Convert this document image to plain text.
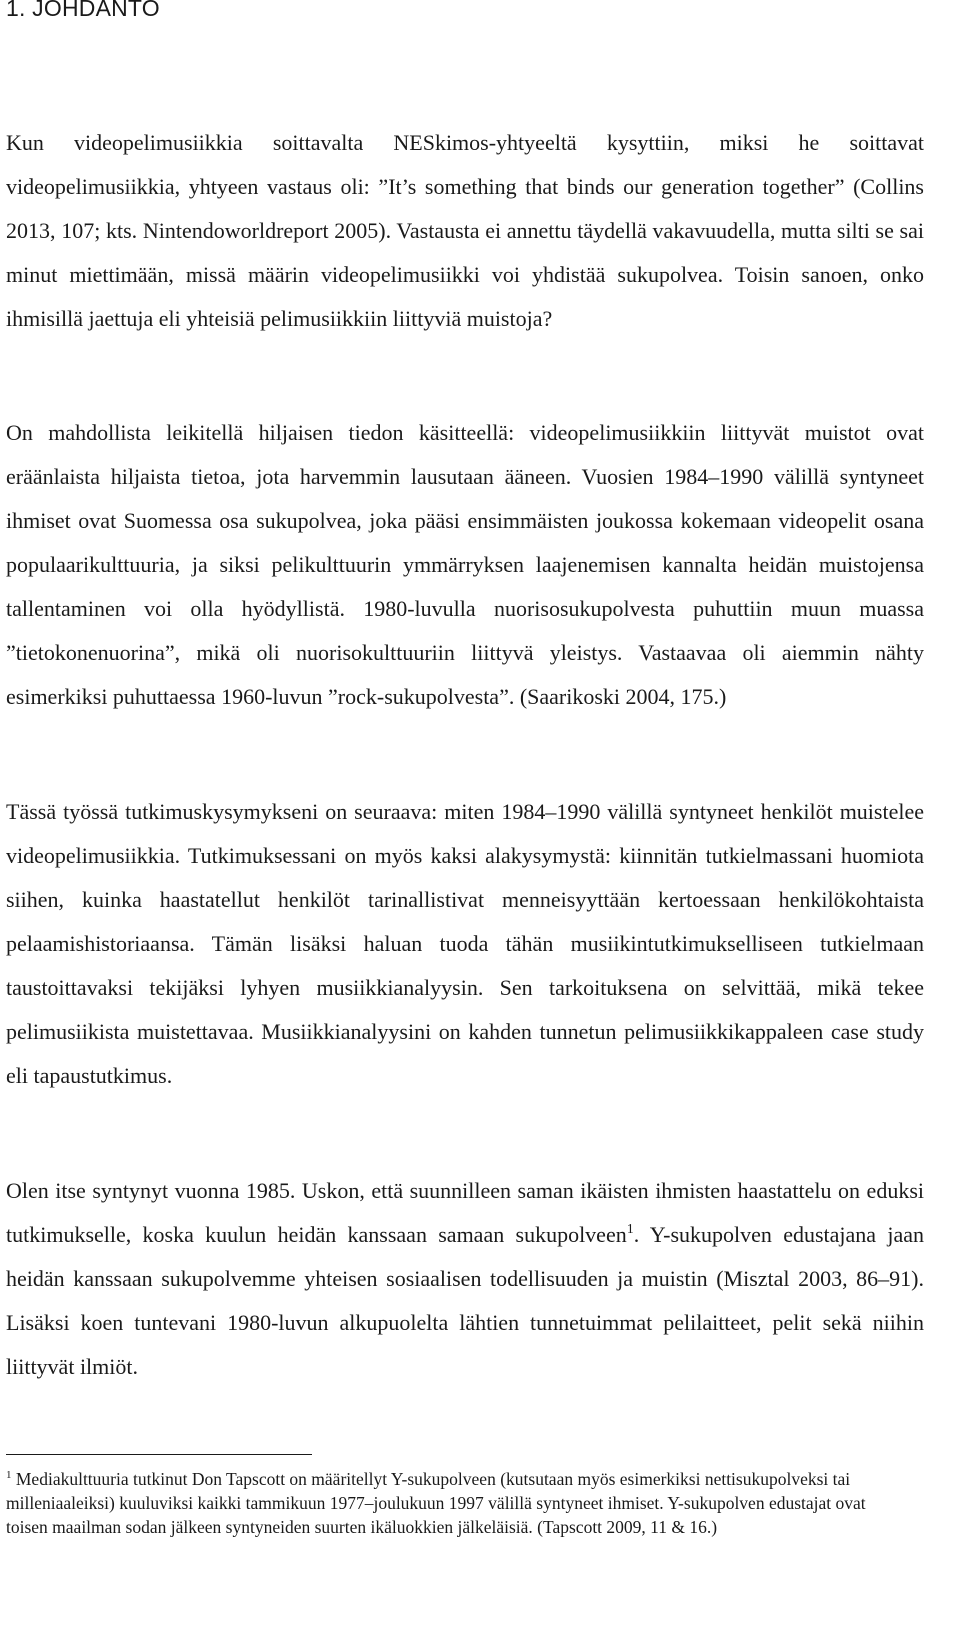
1. JOHDANTO

Kun videopelimusiikkia soittavalta NESkimos-yhtyeeltä kysyttiin, miksi he soittavat videopelimusiikkia, yhtyeen vastaus oli: ”It’s something that binds our generation together” (Collins 2013, 107; kts. Nintendoworldreport 2005). Vastausta ei annettu täydellä vakavuudella, mutta silti se sai minut miettimään, missä määrin videopelimusiikki voi yhdistää sukupolvea. Toisin sanoen, onko ihmisillä jaettuja eli yhteisiä pelimusiikkiin liittyviä muistoja?

On mahdollista leikitellä hiljaisen tiedon käsitteellä: videopelimusiikkiin liittyvät muistot ovat eräänlaista hiljaista tietoa, jota harvemmin lausutaan ääneen. Vuosien 1984–1990 välillä syntyneet ihmiset ovat Suomessa osa sukupolvea, joka pääsi ensimmäisten joukossa kokemaan videopelit osana populaarikulttuuria, ja siksi pelikulttuurin ymmärryksen laajenemisen kannalta heidän muistojensa tallentaminen voi olla hyödyllistä. 1980-luvulla nuorisosukupolvesta puhuttiin muun muassa ”tietokonenuorina”, mikä oli nuorisokulttuuriin liittyvä yleistys. Vastaavaa oli aiemmin nähty esimerkiksi puhuttaessa 1960-luvun ”rock-sukupolvesta”. (Saarikoski 2004, 175.)

Tässä työssä tutkimuskysymykseni on seuraava: miten 1984–1990 välillä syntyneet henkilöt muistelee videopelimusiikkia. Tutkimuksessani on myös kaksi alakysymystä: kiinnitän tutkielmassani huomiota siihen, kuinka haastatellut henkilöt tarinallistivat menneisyyttään kertoessaan henkilökohtaista pelaamishistoriaansa. Tämän lisäksi haluan tuoda tähän musiikintutkimukselliseen tutkielmaan taustoittavaksi tekijäksi lyhyen musiikkianalyysin. Sen tarkoituksena on selvittää, mikä tekee pelimusiikista muistettavaa. Musiikkianalyysini on kahden tunnetun pelimusiikkikappaleen case study eli tapaustutkimus.

Olen itse syntynyt vuonna 1985. Uskon, että suunnilleen saman ikäisten ihmisten haastattelu on eduksi tutkimukselle, koska kuulun heidän kanssaan samaan sukupolveen$^1$. Y-sukupolven edustajana jaan heidän kanssaan sukupolvemme yhteisen sosiaalisen todellisuuden ja muistin (Misztal 2003, 86–91). Lisäksi koen tuntevani 1980-luvun alkupuolelta lähtien tunnetuimmat pelilaitteet, pelit sekä niihin liittyvät ilmiöt.

$^1$ Mediakulttuuria tutkinut Don Tapscott on määritellyt Y-sukupolveen (kutsutaan myös esimerkiksi nettisukupolveksi tai milleniaaleiksi) kuuluviksi kaikki tammikuun 1977–joulukuun 1997 välillä syntyneet ihmiset. Y-sukupolven edustajat ovat toisen maailman sodan jälkeen syntyneiden suurten ikäluokkien jälkeläisiä. (Tapscott 2009, 11 & 16.)
